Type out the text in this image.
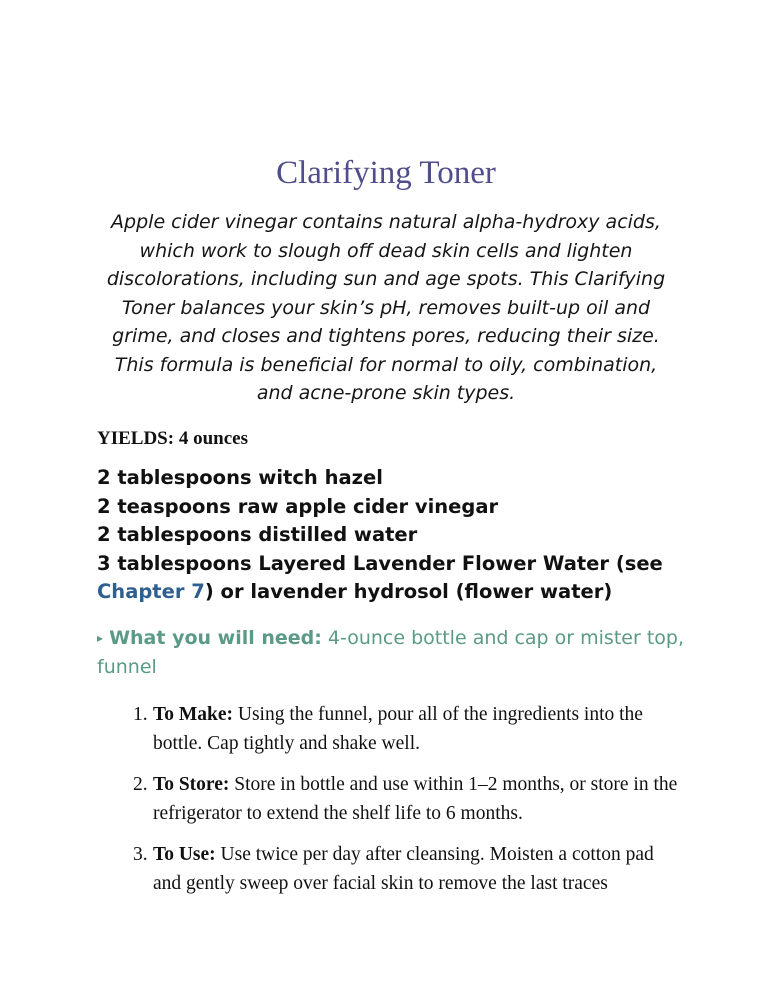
Clarifying Toner

Apple cider vinegar contains natural alpha-hydroxy acids, which work to slough off dead skin cells and lighten discolorations, including sun and age spots. This Clarifying Toner balances your skin’s pH, removes built-up oil and grime, and closes and tightens pores, reducing their size. This formula is beneficial for normal to oily, combination, and acne-prone skin types.

YIELDS: 4 ounces

2 tablespoons witch hazel
2 teaspoons raw apple cider vinegar
2 tablespoons distilled water
3 tablespoons Layered Lavender Flower Water (see Chapter 7) or lavender hydrosol (flower water)

▸ What you will need: 4-ounce bottle and cap or mister top, funnel

1. To Make: Using the funnel, pour all of the ingredients into the bottle. Cap tightly and shake well.
2. To Store: Store in bottle and use within 1–2 months, or store in the refrigerator to extend the shelf life to 6 months.
3. To Use: Use twice per day after cleansing. Moisten a cotton pad and gently sweep over facial skin to remove the last traces
